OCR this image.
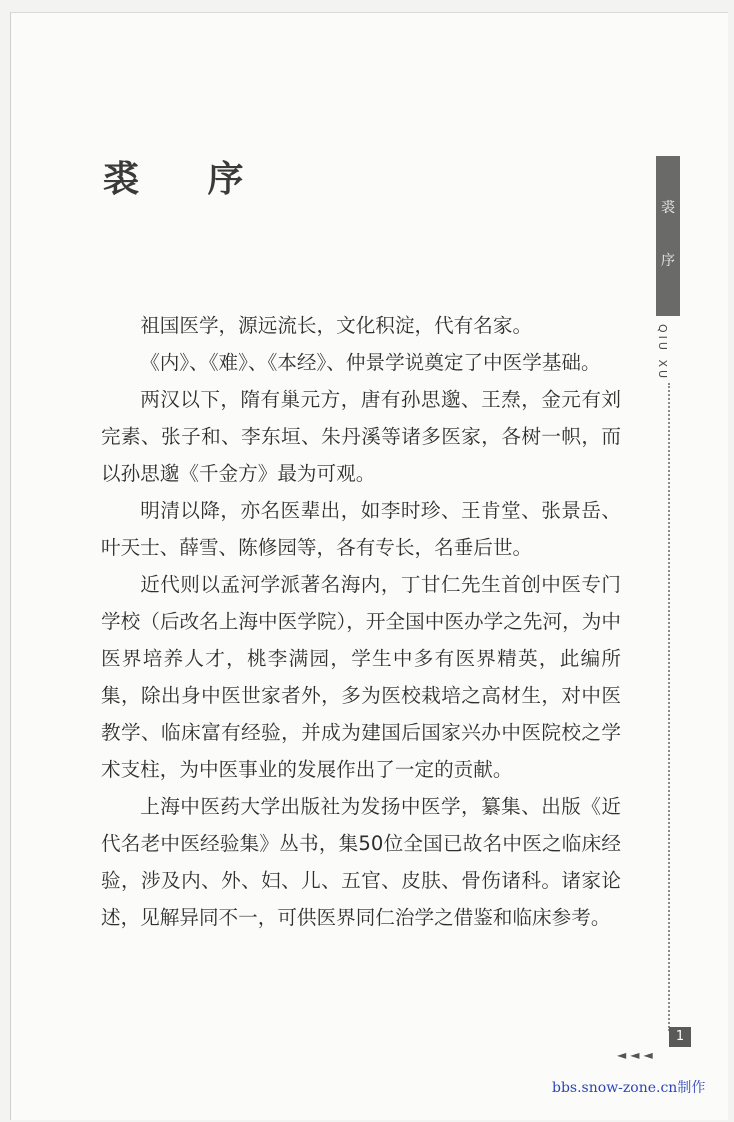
裘 序
裘
序
QIU XU

祖国医学，源远流长，文化积淀，代有名家。

《内》、《难》、《本经》、仲景学说奠定了中医学基础。

两汉以下，隋有巢元方，唐有孙思邈、王焘，金元有刘完素、张子和、李东垣、朱丹溪等诸多医家，各树一帜，而以孙思邈《千金方》最为可观。

明清以降，亦名医辈出，如李时珍、王肯堂、张景岳、叶天士、薛雪、陈修园等，各有专长，名垂后世。

近代则以孟河学派著名海内，丁甘仁先生首创中医专门学校（后改名上海中医学院），开全国中医办学之先河，为中医界培养人才，桃李满园，学生中多有医界精英，此编所集，除出身中医世家者外，多为医校栽培之高材生，对中医教学、临床富有经验，并成为建国后国家兴办中医院校之学术支柱，为中医事业的发展作出了一定的贡献。

上海中医药大学出版社为发扬中医学，纂集、出版《近代名老中医经验集》丛书，集50位全国已故名中医之临床经验，涉及内、外、妇、儿、五官、皮肤、骨伤诸科。诸家论述，见解异同不一，可供医界同仁治学之借鉴和临床参考。

1
◄◄◄
bbs.snow-zone.cn制作
